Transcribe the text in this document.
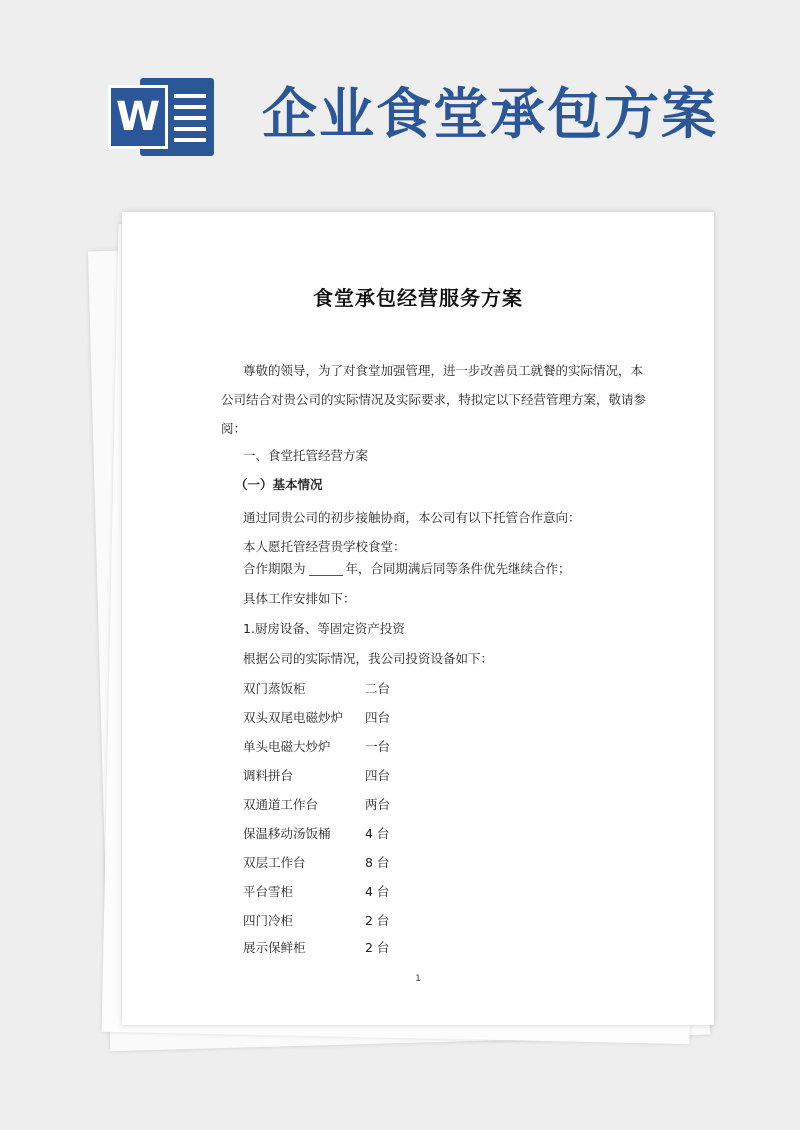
W 企业食堂承包方案
食堂承包经营服务方案
尊敬的领导，为了对食堂加强管理，进一步改善员工就餐的实际情况，本
公司结合对贵公司的实际情况及实际要求，特拟定以下经营管理方案，敬请参
阅：
一、食堂托管经营方案
（一）基本情况
通过同贵公司的初步接触协商，本公司有以下托管合作意向：
本人愿托管经营贵学校食堂：
合作期限为	年，合同期满后同等条件优先继续合作；
具体工作安排如下：
1.厨房设备、等固定资产投资
根据公司的实际情况，我公司投资设备如下：
双门蒸饭柜	二台
双头双尾电磁炒炉 四台
单头电磁大炒炉	一台
调料拼台	四台
双通道工作台	两台
保温移动汤饭桶	4 台
双层工作台	8 台
平台雪柜	4 台
四门冷柜	2 台
展示保鲜柜	2 台
1
